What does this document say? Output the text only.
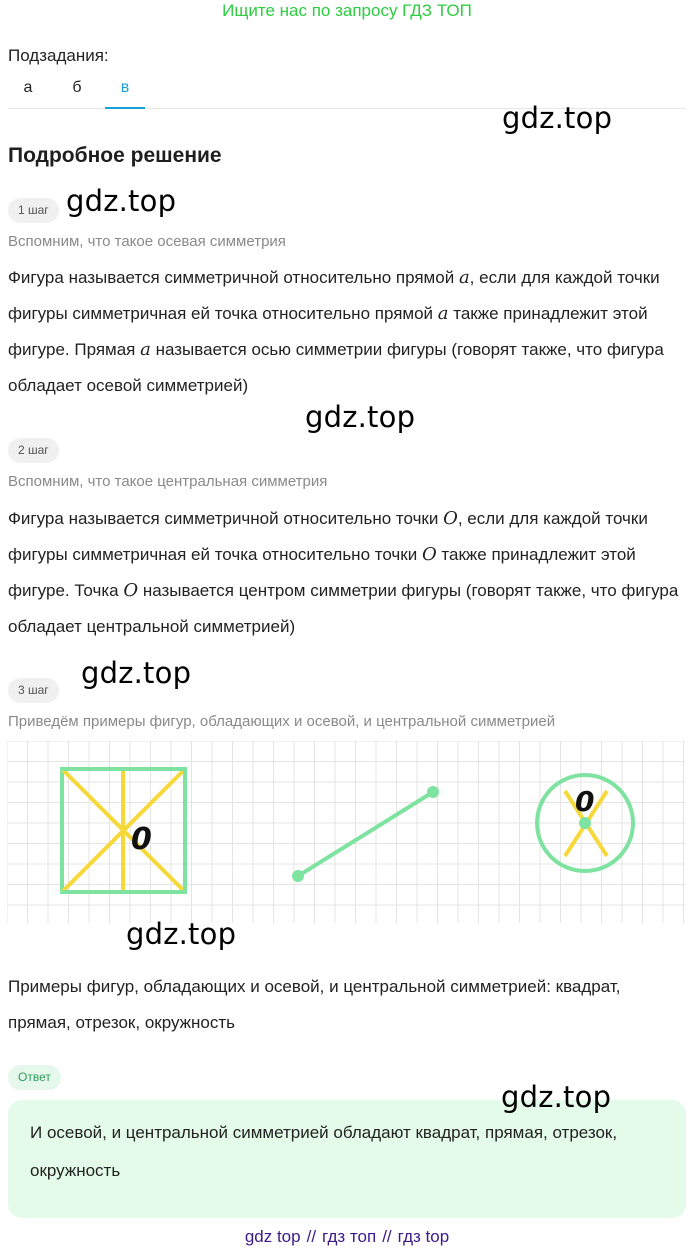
Ищите нас по запросу ГДЗ ТОП
Подзадания:
а	б	в
gdz.top
Подробное решение
1 шаг gdz.top
Вспомним, что такое осевая симметрия
Фигура называется симметричной относительно прямой a, если для каждой точки фигуры симметричная ей точка относительно прямой a также принадлежит этой фигуре. Прямая a называется осью симметрии фигуры (говорят также, что фигура обладает осевой симметрией)
gdz.top
2 шаг
Вспомним, что такое центральная симметрия
Фигура называется симметричной относительно точки O, если для каждой точки фигуры симметричная ей точка относительно точки O также принадлежит этой фигуре. Точка O называется центром симметрии фигуры (говорят также, что фигура обладает центральной симметрией)
3 шаг	gdz.top
Приведём примеры фигур, обладающих и осевой, и центральной симметрией
0
0
gdz.top
Примеры фигур, обладающих и осевой, и центральной симметрией: квадрат, прямая, отрезок, окружность
Ответ
И осевой, и центральной симметрией обладают квадрат, прямая, отрезок, окружность
gdz.top
gdz top // гдз топ // гдз top
